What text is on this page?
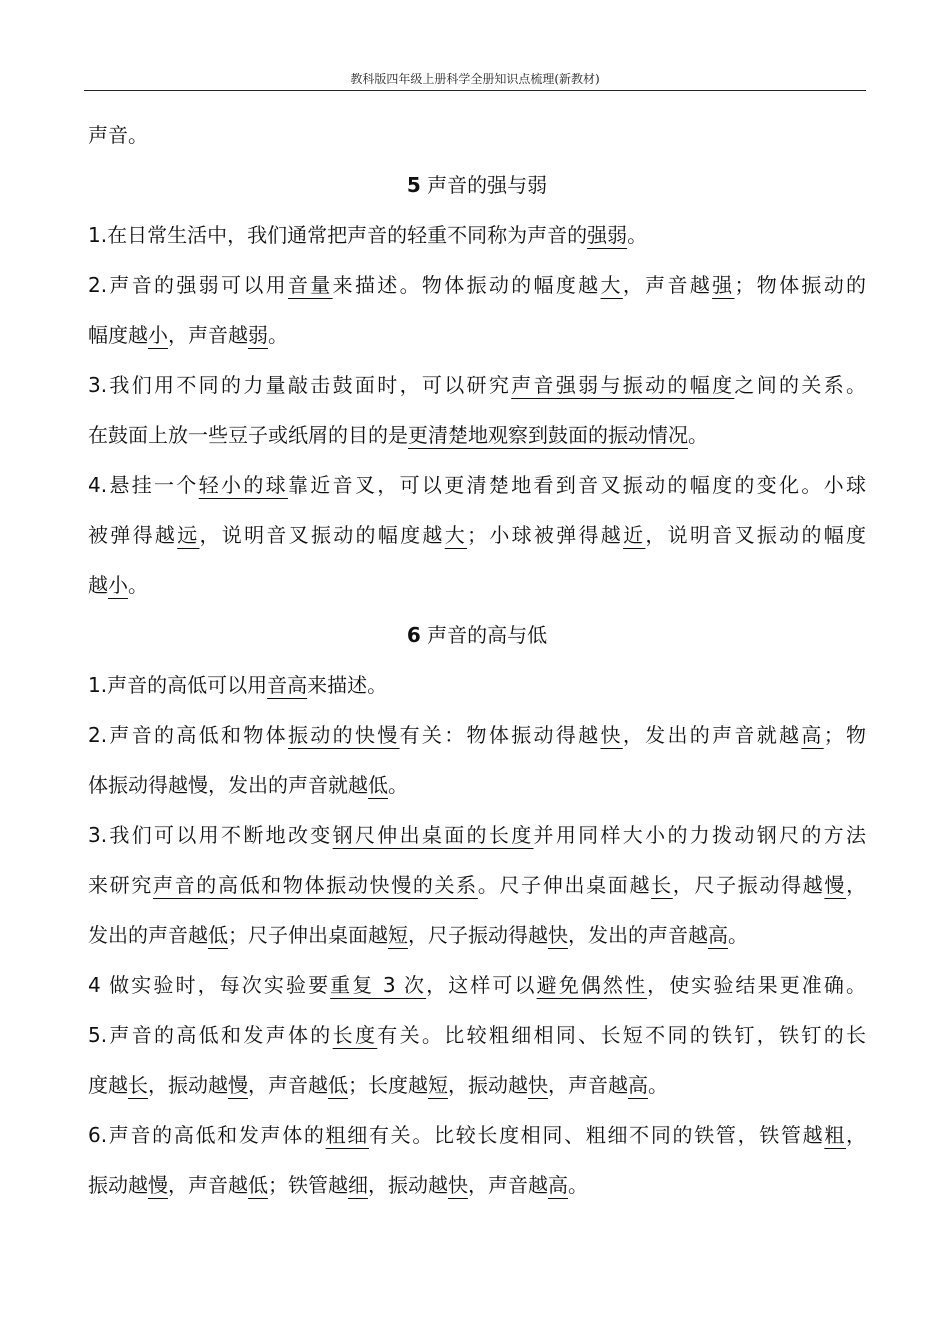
教科版四年级上册科学全册知识点梳理(新教材)
声音。
5 声音的强与弱
1.在日常生活中，我们通常把声音的轻重不同称为声音的强弱。
2.声音的强弱可以用音量来描述。物体振动的幅度越大，声音越强；物体振动的
幅度越小，声音越弱。
3.我们用不同的力量敲击鼓面时，可以研究声音强弱与振动的幅度之间的关系。
在鼓面上放一些豆子或纸屑的目的是更清楚地观察到鼓面的振动情况。
4.悬挂一个轻小的球靠近音叉，可以更清楚地看到音叉振动的幅度的变化。小球
被弹得越远，说明音叉振动的幅度越大；小球被弹得越近，说明音叉振动的幅度
越小。
6 声音的高与低
1.声音的高低可以用音高来描述。
2.声音的高低和物体振动的快慢有关：物体振动得越快，发出的声音就越高；物
体振动得越慢，发出的声音就越低。
3.我们可以用不断地改变钢尺伸出桌面的长度并用同样大小的力拨动钢尺的方法
来研究声音的高低和物体振动快慢的关系。尺子伸出桌面越长，尺子振动得越慢，
发出的声音越低；尺子伸出桌面越短，尺子振动得越快，发出的声音越高。
4 做实验时，每次实验要重复 3 次，这样可以避免偶然性，使实验结果更准确。
5.声音的高低和发声体的长度有关。比较粗细相同、长短不同的铁钉，铁钉的长
度越长，振动越慢，声音越低；长度越短，振动越快，声音越高。
6.声音的高低和发声体的粗细有关。比较长度相同、粗细不同的铁管，铁管越粗，
振动越慢，声音越低；铁管越细，振动越快，声音越高。
